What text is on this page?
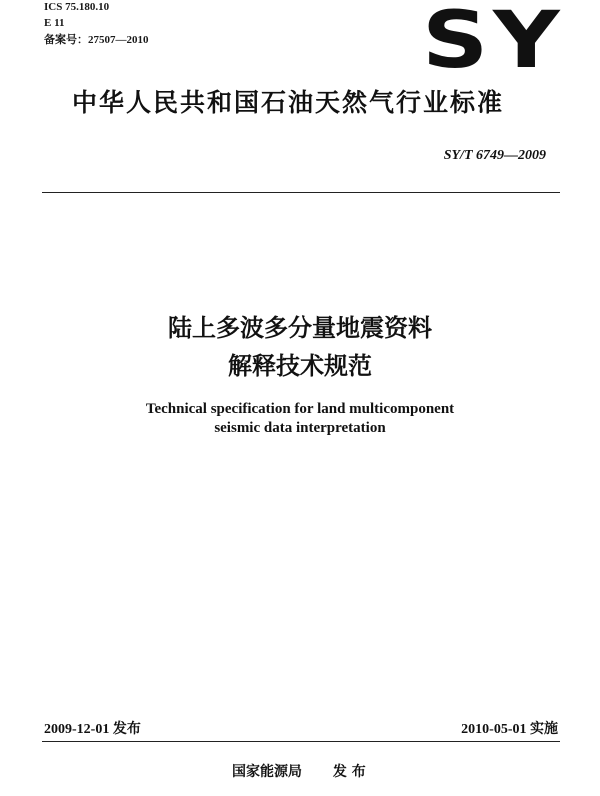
ICS 75.180.10
E 11
备案号：27507—2010	SY
中华人民共和国石油天然气行业标准
SY/T 6749—2009
陆上多波多分量地震资料
解释技术规范
Technical specification for land multicomponent
seismic data interpretation
2009-12-01 发布	2010-05-01 实施
国家能源局 发 布
